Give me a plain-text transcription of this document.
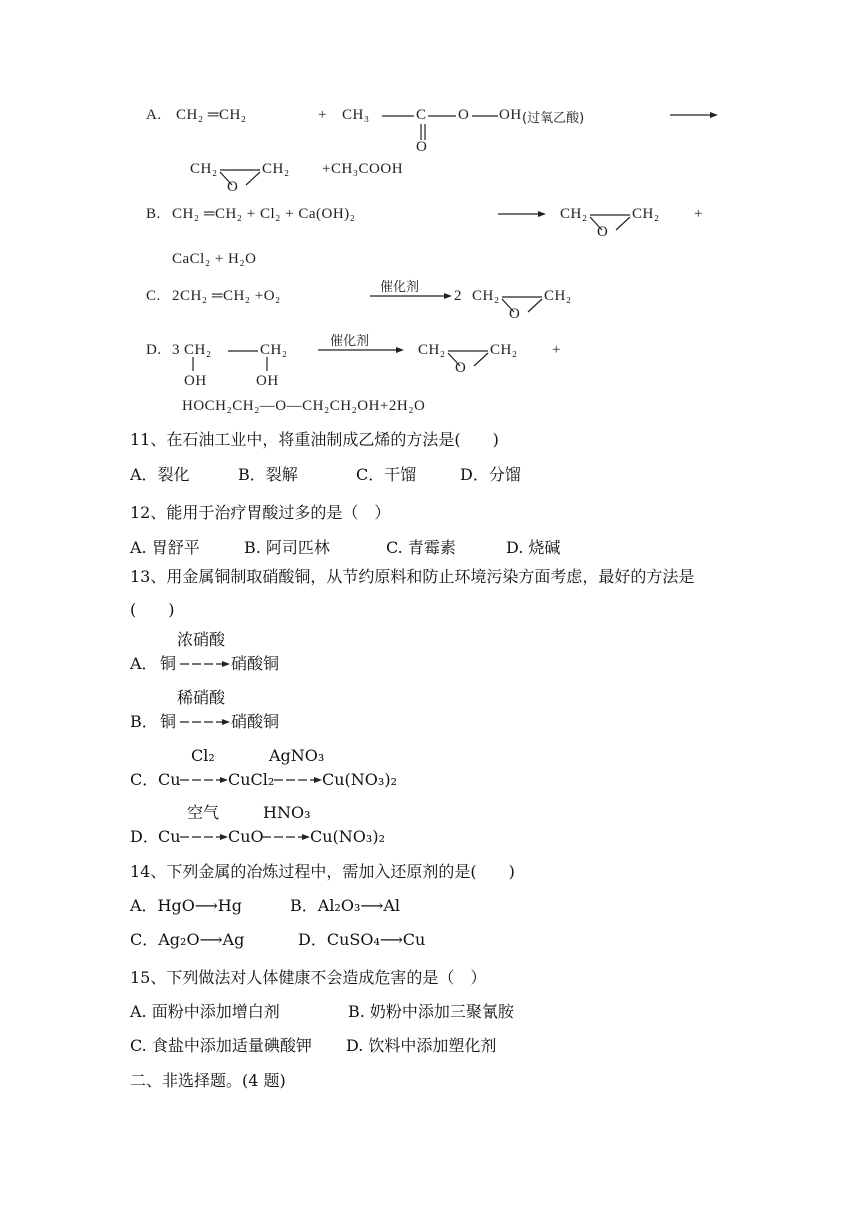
A. CH₂ ═CH₂	+ CH₃	C
O
O OH (过氧乙酸)
CH₂	CH₂
O
+CH₃COOH
B. CH₂ ═CH₂ + Cl₂ + Ca(OH)₂	CH₂	CH₂
O
+
CaCl₂ + H₂O
C. 2CH₂ ═CH₂ +O₂
催化剂
2 CH₂	CH₂
O
D. 3 CH₂	CH₂
OH	OH
催化剂
CH₂	CH₂
O
+
HOCH₂CH₂—O—CH₂CH₂OH+2H₂O
11、在石油工业中，将重油制成乙烯的方法是(　　)
A．裂化	B．裂解	C．干馏	D．分馏
12、能用于治疗胃酸过多的是（　）
A. 胃舒平	B. 阿司匹林	C. 青霉素	D. 烧碱
13、用金属铜制取硝酸铜，从节约原料和防止环境污染方面考虑，最好的方法是
(　　)
浓硝酸
A． 铜	硝酸铜
稀硝酸
B． 铜	硝酸铜
Cl₂	AgNO₃
C． Cu	CuCl₂	Cu(NO₃)₂
空气	HNO₃
D． Cu	CuO	Cu(NO₃)₂
14、下列金属的冶炼过程中，需加入还原剂的是(　　)
A．HgO⟶Hg	B．Al₂O₃⟶Al
C．Ag₂O⟶Ag	D．CuSO₄⟶Cu
15、下列做法对人体健康不会造成危害的是（　）
A. 面粉中添加增白剂	B. 奶粉中添加三聚氰胺
C. 食盐中添加适量碘酸钾 D. 饮料中添加塑化剂
二、非选择题。(4 题)
